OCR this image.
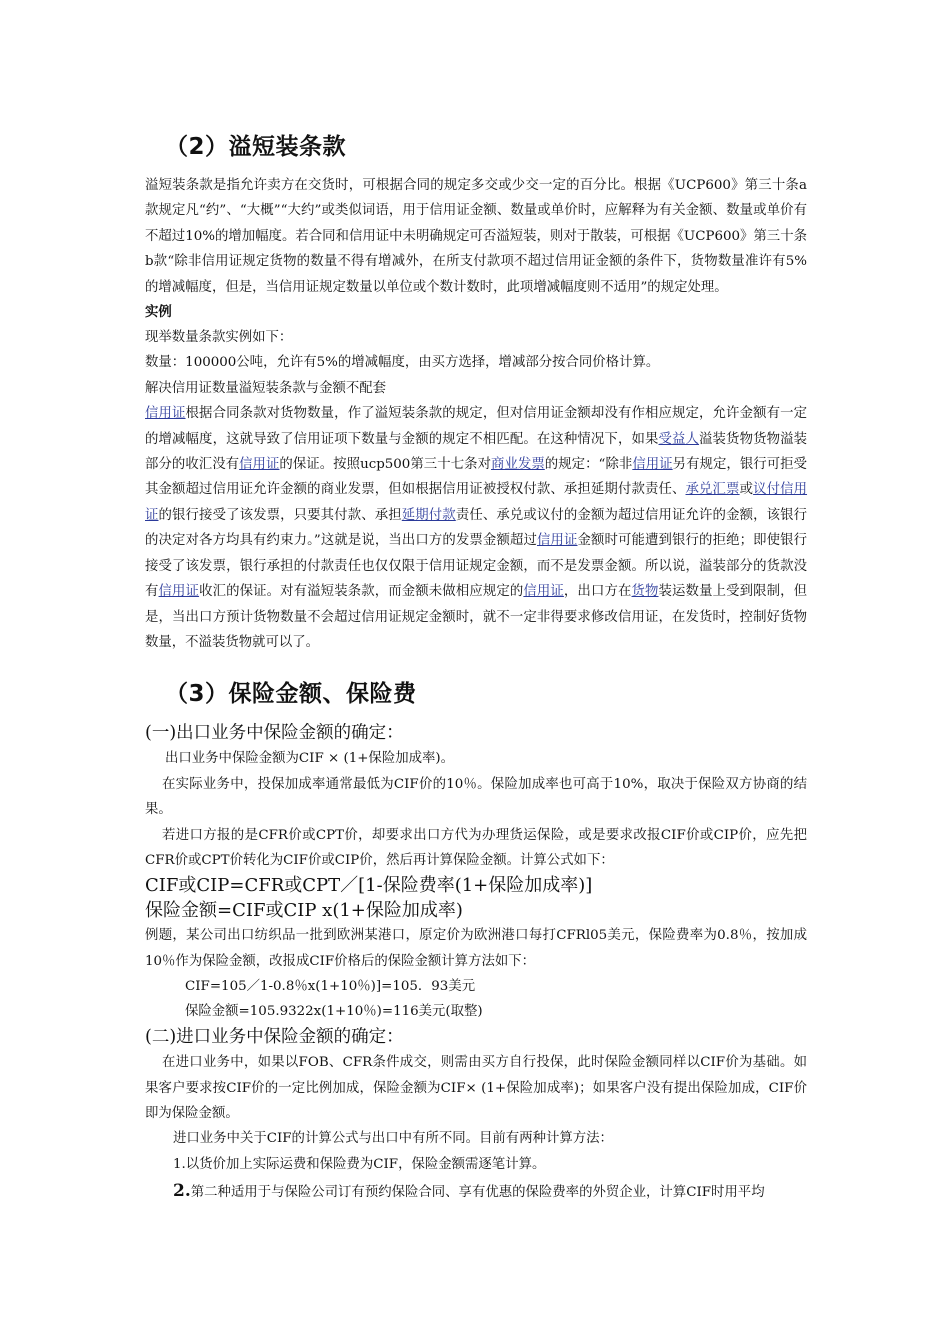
（2）溢短装条款

溢短装条款是指允许卖方在交货时，可根据合同的规定多交或少交一定的百分比。根据《UCP600》第三十条a款规定凡“约”、“大概”“大约”或类似词语，用于信用证金额、数量或单价时，应解释为有关金额、数量或单价有不超过10%的增加幅度。若合同和信用证中未明确规定可否溢短装，则对于散装，可根据《UCP600》第三十条b款“除非信用证规定货物的数量不得有增减外，在所支付款项不超过信用证金额的条件下，货物数量准许有5%的增减幅度，但是，当信用证规定数量以单位或个数计数时，此项增减幅度则不适用”的规定处理。

实例

现举数量条款实例如下：

数量：100000公吨，允许有5%的增减幅度，由买方选择，增减部分按合同价格计算。

解决信用证数量溢短装条款与金额不配套

信用证根据合同条款对货物数量，作了溢短装条款的规定，但对信用证金额却没有作相应规定，允许金额有一定的增减幅度，这就导致了信用证项下数量与金额的规定不相匹配。在这种情况下，如果受益人溢装货物货物溢装部分的收汇没有信用证的保证。按照ucp500第三十七条对商业发票的规定：“除非信用证另有规定，银行可拒受其金额超过信用证允许金额的商业发票，但如根据信用证被授权付款、承担延期付款责任、承兑汇票或议付信用证的银行接受了该发票，只要其付款、承担延期付款责任、承兑或议付的金额为超过信用证允许的金额，该银行的决定对各方均具有约束力。”这就是说，当出口方的发票金额超过信用证金额时可能遭到银行的拒绝；即使银行接受了该发票，银行承担的付款责任也仅仅限于信用证规定金额，而不是发票金额。所以说，溢装部分的货款没有信用证收汇的保证。对有溢短装条款，而金额未做相应规定的信用证，出口方在货物装运数量上受到限制，但是，当出口方预计货物数量不会超过信用证规定金额时，就不一定非得要求修改信用证，在发货时，控制好货物数量，不溢装货物就可以了。

（3）保险金额、保险费

(一)出口业务中保险金额的确定：

出口业务中保险金额为CIF × (1+保险加成率)。

在实际业务中，投保加成率通常最低为CIF价的10％。保险加成率也可高于10%，取决于保险双方协商的结果。

若进口方报的是CFR价或CPT价，却要求出口方代为办理货运保险，或是要求改报CIF价或CIP价，应先把CFR价或CPT价转化为CIF价或CIP价，然后再计算保险金额。计算公式如下：

CIF或CIP=CFR或CPT／[1-保险费率(1+保险加成率)]

保险金额=CIF或CIP x(1+保险加成率)

例题，某公司出口纺织品一批到欧洲某港口，原定价为欧洲港口每打CFRl05美元，保险费率为0.8％，按加成10％作为保险金额，改报成CIF价格后的保险金额计算方法如下：

CIF=105／1-0.8％x(1+10％)]=105．93美元

保险金额=105.9322x(1+10％)=116美元(取整)

(二)进口业务中保险金额的确定：

在进口业务中，如果以FOB、CFR条件成交，则需由买方自行投保，此时保险金额同样以CIF价为基础。如果客户要求按CIF价的一定比例加成，保险金额为CIF× (1+保险加成率)；如果客户没有提出保险加成，CIF价即为保险金额。

进口业务中关于CIF的计算公式与出口中有所不同。目前有两种计算方法：

1.以货价加上实际运费和保险费为CIF，保险金额需逐笔计算。

2.第二种适用于与保险公司订有预约保险合同、享有优惠的保险费率的外贸企业，计算CIF时用平均
